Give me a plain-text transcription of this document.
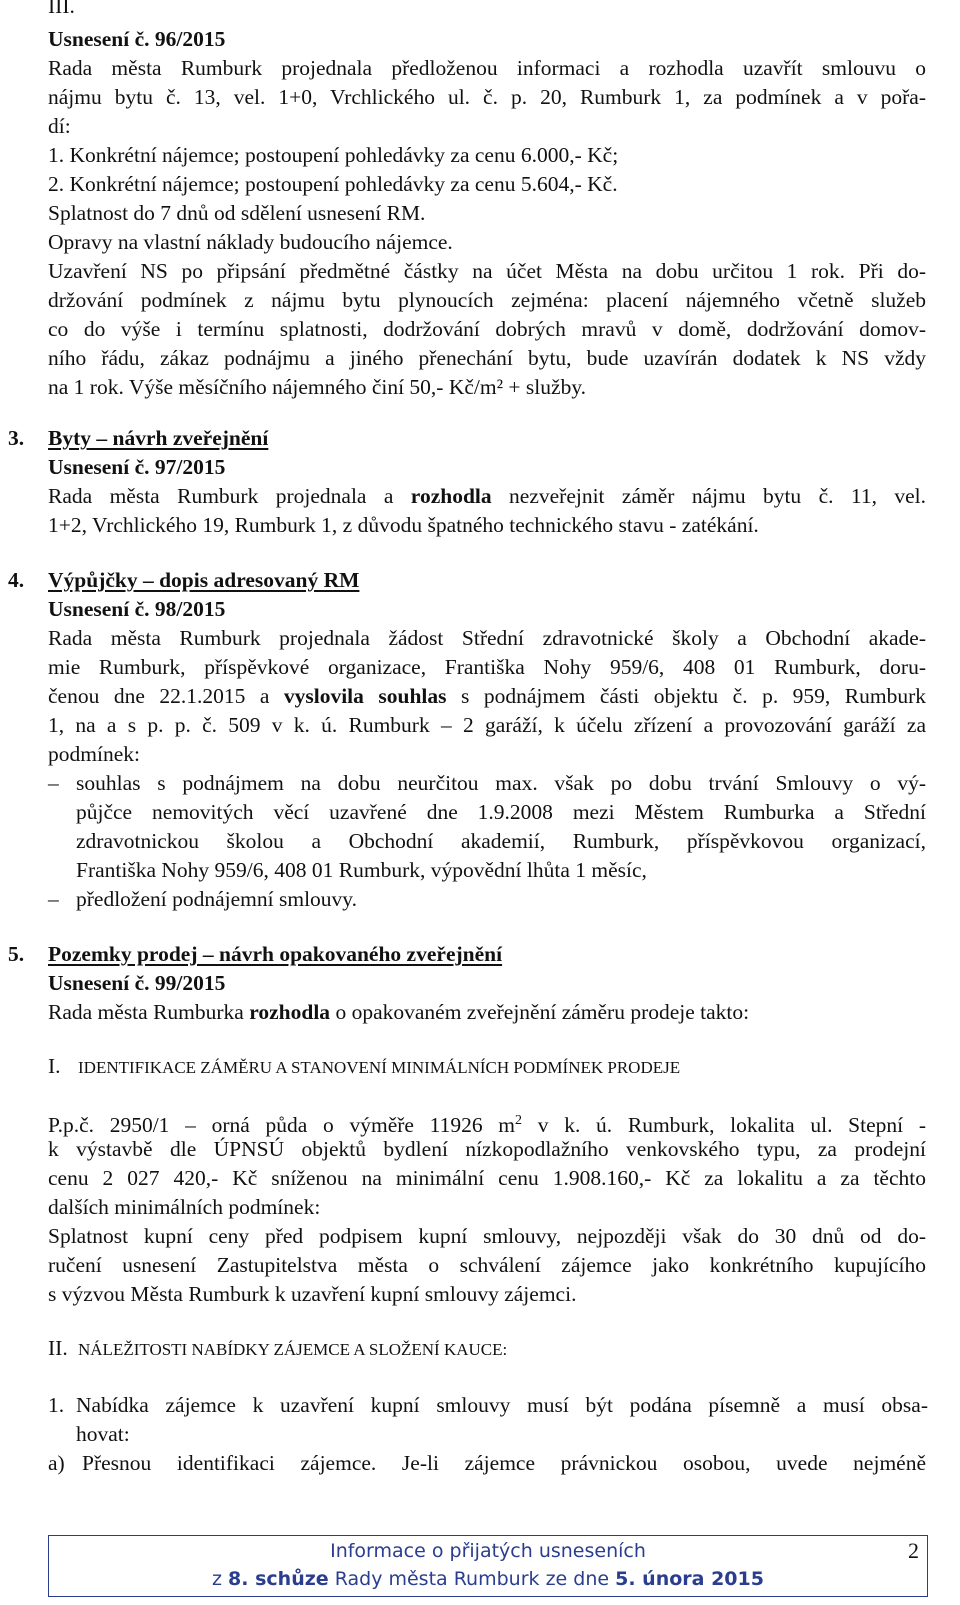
III.
Usnesení č. 96/2015
Rada města Rumburk projednala předloženou informaci a rozhodla uzavřít smlouvu o
nájmu bytu č. 13, vel. 1+0, Vrchlického ul. č. p. 20, Rumburk 1, za podmínek a v pořa-
dí:
1. Konkrétní nájemce; postoupení pohledávky za cenu 6.000,- Kč;
2. Konkrétní nájemce; postoupení pohledávky za cenu 5.604,- Kč.
Splatnost do 7 dnů od sdělení usnesení RM.
Opravy na vlastní náklady budoucího nájemce.
Uzavření NS po připsání předmětné částky na účet Města na dobu určitou 1 rok. Při do-
držování podmínek z nájmu bytu plynoucích zejména: placení nájemného včetně služeb
co do výše i termínu splatnosti, dodržování dobrých mravů v domě, dodržování domov-
ního řádu, zákaz podnájmu a jiného přenechání bytu, bude uzavírán dodatek k NS vždy
na 1 rok. Výše měsíčního nájemného činí 50,- Kč/m² + služby.
3. Byty – návrh zveřejnění
Usnesení č. 97/2015
Rada města Rumburk projednala a rozhodla nezveřejnit záměr nájmu bytu č. 11, vel.
1+2, Vrchlického 19, Rumburk 1, z důvodu špatného technického stavu - zatékání.
4. Výpůjčky – dopis adresovaný RM
Usnesení č. 98/2015
Rada města Rumburk projednala žádost Střední zdravotnické školy a Obchodní akade-
mie Rumburk, příspěvkové organizace, Františka Nohy 959/6, 408 01 Rumburk, doru-
čenou dne 22.1.2015 a vyslovila souhlas s podnájmem části objektu č. p. 959, Rumburk
1, na a s p. p. č. 509 v k. ú. Rumburk – 2 garáží, k účelu zřízení a provozování garáží za
podmínek:
– souhlas s podnájmem na dobu neurčitou max. však po dobu trvání Smlouvy o vý-
půjčce nemovitých věcí uzavřené dne 1.9.2008 mezi Městem Rumburka a Střední
zdravotnickou školou a Obchodní akademií, Rumburk, příspěvkovou organizací,
Františka Nohy 959/6, 408 01 Rumburk, výpovědní lhůta 1 měsíc,
– předložení podnájemní smlouvy.
5. Pozemky prodej – návrh opakovaného zveřejnění
Usnesení č. 99/2015
Rada města Rumburka rozhodla o opakovaném zveřejnění záměru prodeje takto:
I. IDENTIFIKACE ZÁMĚRU A STANOVENÍ MINIMÁLNÍCH PODMÍNEK PRODEJE
P.p.č. 2950/1 – orná půda o výměře 11926 $m^2$ v k. ú. Rumburk, lokalita ul. Stepní -
k výstavbě dle ÚPNSÚ objektů bydlení nízkopodlažního venkovského typu, za prodejní
cenu 2 027 420,- Kč sníženou na minimální cenu 1.908.160,- Kč za lokalitu a za těchto
dalších minimálních podmínek:
Splatnost kupní ceny před podpisem kupní smlouvy, nejpozději však do 30 dnů od do-
ručení usnesení Zastupitelstva města o schválení zájemce jako konkrétního kupujícího
s výzvou Města Rumburk k uzavření kupní smlouvy zájemci.
II. NÁLEŽITOSTI NABÍDKY ZÁJEMCE A SLOŽENÍ KAUCE:
1. Nabídka zájemce k uzavření kupní smlouvy musí být podána písemně a musí obsa-
hovat:
a) Přesnou identifikaci zájemce. Je-li zájemce právnickou osobou, uvede nejméně
Informace o přijatých usneseních
z 8. schůze Rady města Rumburk ze dne 5. února 2015
2
